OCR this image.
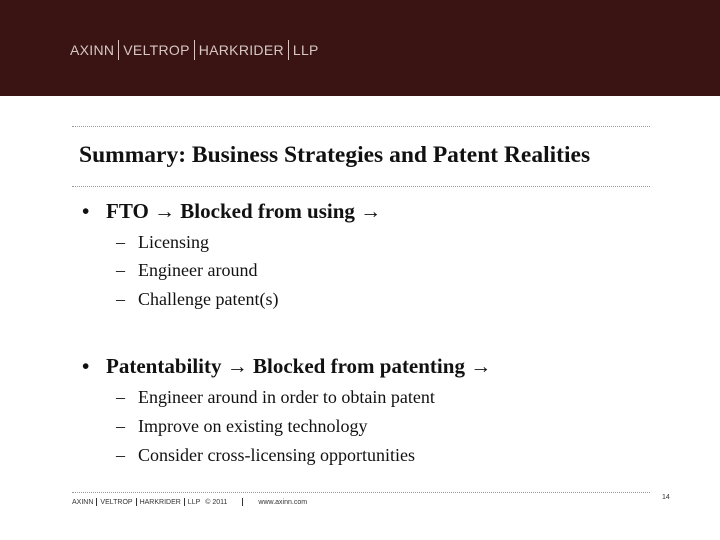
AXINN VELTROP HARKRIDER LLP
Summary: Business Strategies and Patent Realities
• FTO → Blocked from using →
– Licensing
– Engineer around
– Challenge patent(s)
• Patentability → Blocked from patenting →
– Engineer around in order to obtain patent
– Improve on existing technology
– Consider cross-licensing opportunities
AXINN VELTROP HARKRIDER LLP © 2011	www.axinn.com
14
